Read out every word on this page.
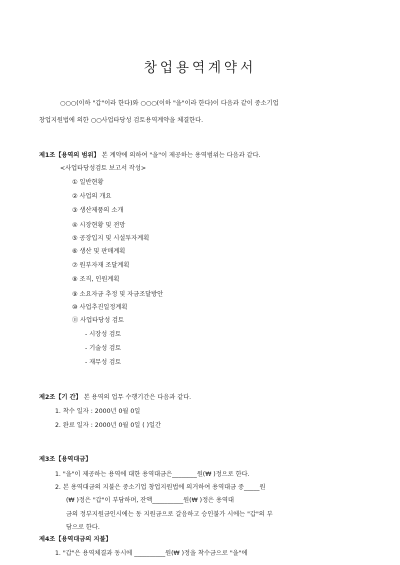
창업용역계약서
○○○(이하 "갑"이라 한다)와 ○○○(이하 "을"이라 한다)이 다음과 같이 중소기업
창업지원법에 의한 ○○사업타당성 검토용역계약을 체결한다.
제1조【용역의 범위】 본 계약에 의하여 "을"이 제공하는 용역범위는 다음과 같다.
<사업타당성검토 보고서 작성>
① 일반현황
② 사업의 개요
③ 생산제품의 소개
④ 시장현황 및 전망
⑤ 공장입지 및 시설투자계획
⑥ 생산 및 판매계획
⑦ 원부자재 조달계획
⑧ 조직, 인원계획
⑨ 소요자금 추정 및 자금조달방안
⑩ 사업추진일정계획
⑪ 사업타당성 검토
- 시장성 검토
- 기술성 검토
- 재무성 검토
제2조【기 간】 본 용역의 업무 수행기간은 다음과 같다.
1. 착수 일자 : 2000년 0월 0일
2. 완료 일자 : 2000년 0월 0일 ( )일간
제3조【용역대금】
1. "을"이 제공하는 용역에 대한 용역대금은________원(₩ )정으로 한다.
2. 본 용역대금의 지불은 중소기업 창업지원법에 의거하여 용역대금 중_____원
(₩ )정은 "갑"이 부담하며, 잔액__________원(₩ )정은 용역대
금의 정부지원금인시에는 동 지원금으로 갈음하고 승인불가 시에는 "갑"의 부
담으로 한다.
제4조【용역대금의 지불】
1. "갑"은 용역체결과 동시에 __________원(₩ )정을 착수금으로 "을"에
